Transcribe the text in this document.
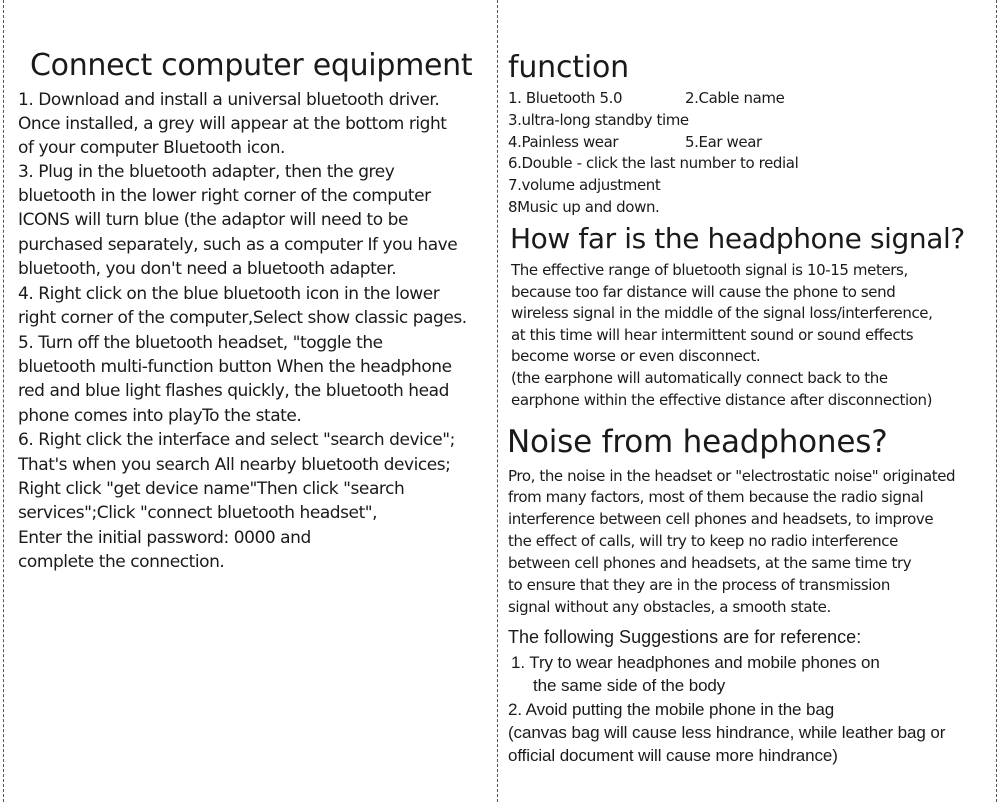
Connect computer equipment
1. Download and install a universal bluetooth driver.
Once installed, a grey will appear at the bottom right
of your computer Bluetooth icon.
3. Plug in the bluetooth adapter, then the grey
bluetooth in the lower right corner of the computer
ICONS will turn blue (the adaptor will need to be
purchased separately, such as a computer If you have
bluetooth, you don't need a bluetooth adapter.
4. Right click on the blue bluetooth icon in the lower
right corner of the computer,Select show classic pages.
5. Turn off the bluetooth headset, "toggle the
bluetooth multi-function button When the headphone
red and blue light flashes quickly, the bluetooth head
phone comes into playTo the state.
6. Right click the interface and select "search device";
That's when you search All nearby bluetooth devices;
Right click "get device name"Then click "search
services";Click "connect bluetooth headset",
Enter the initial password: 0000 and
complete the connection.
function
1. Bluetooth 5.0	2.Cable name
3.ultra-long standby time
4.Painless wear	5.Ear wear
6.Double - click the last number to redial
7.volume adjustment
8Music up and down.
How far is the headphone signal?
The effective range of bluetooth signal is 10-15 meters,
because too far distance will cause the phone to send
wireless signal in the middle of the signal loss/interference,
at this time will hear intermittent sound or sound effects
become worse or even disconnect.
(the earphone will automatically connect back to the
earphone within the effective distance after disconnection)
Noise from headphones?
Pro, the noise in the headset or "electrostatic noise" originated
from many factors, most of them because the radio signal
interference between cell phones and headsets, to improve
the effect of calls, will try to keep no radio interference
between cell phones and headsets, at the same time try
to ensure that they are in the process of transmission
signal without any obstacles, a smooth state.
The following Suggestions are for reference:
1. Try to wear headphones and mobile phones on
the same side of the body
2. Avoid putting the mobile phone in the bag
(canvas bag will cause less hindrance, while leather bag or
official document will cause more hindrance)
